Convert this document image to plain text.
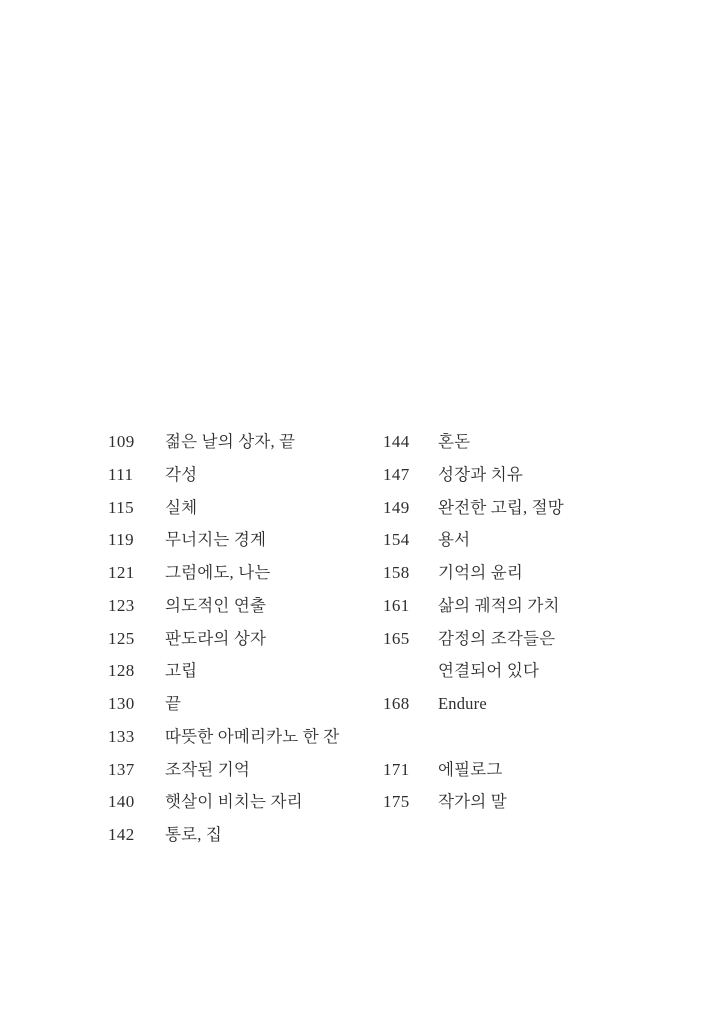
109	젊은 날의 상자, 끝
111	각성
115	실체
119	무너지는 경계
121	그럼에도, 나는
123	의도적인 연출
125	판도라의 상자
128	고립
130	끝
133	따뜻한 아메리카노 한 잔
137	조작된 기억
140	햇살이 비치는 자리
142	통로, 집
144	혼돈
147	성장과 치유
149	완전한 고립, 절망
154	용서
158	기억의 윤리
161	삶의 궤적의 가치
165	감정의 조각들은
연결되어 있다
168	Endure
171	에필로그
175	작가의 말
